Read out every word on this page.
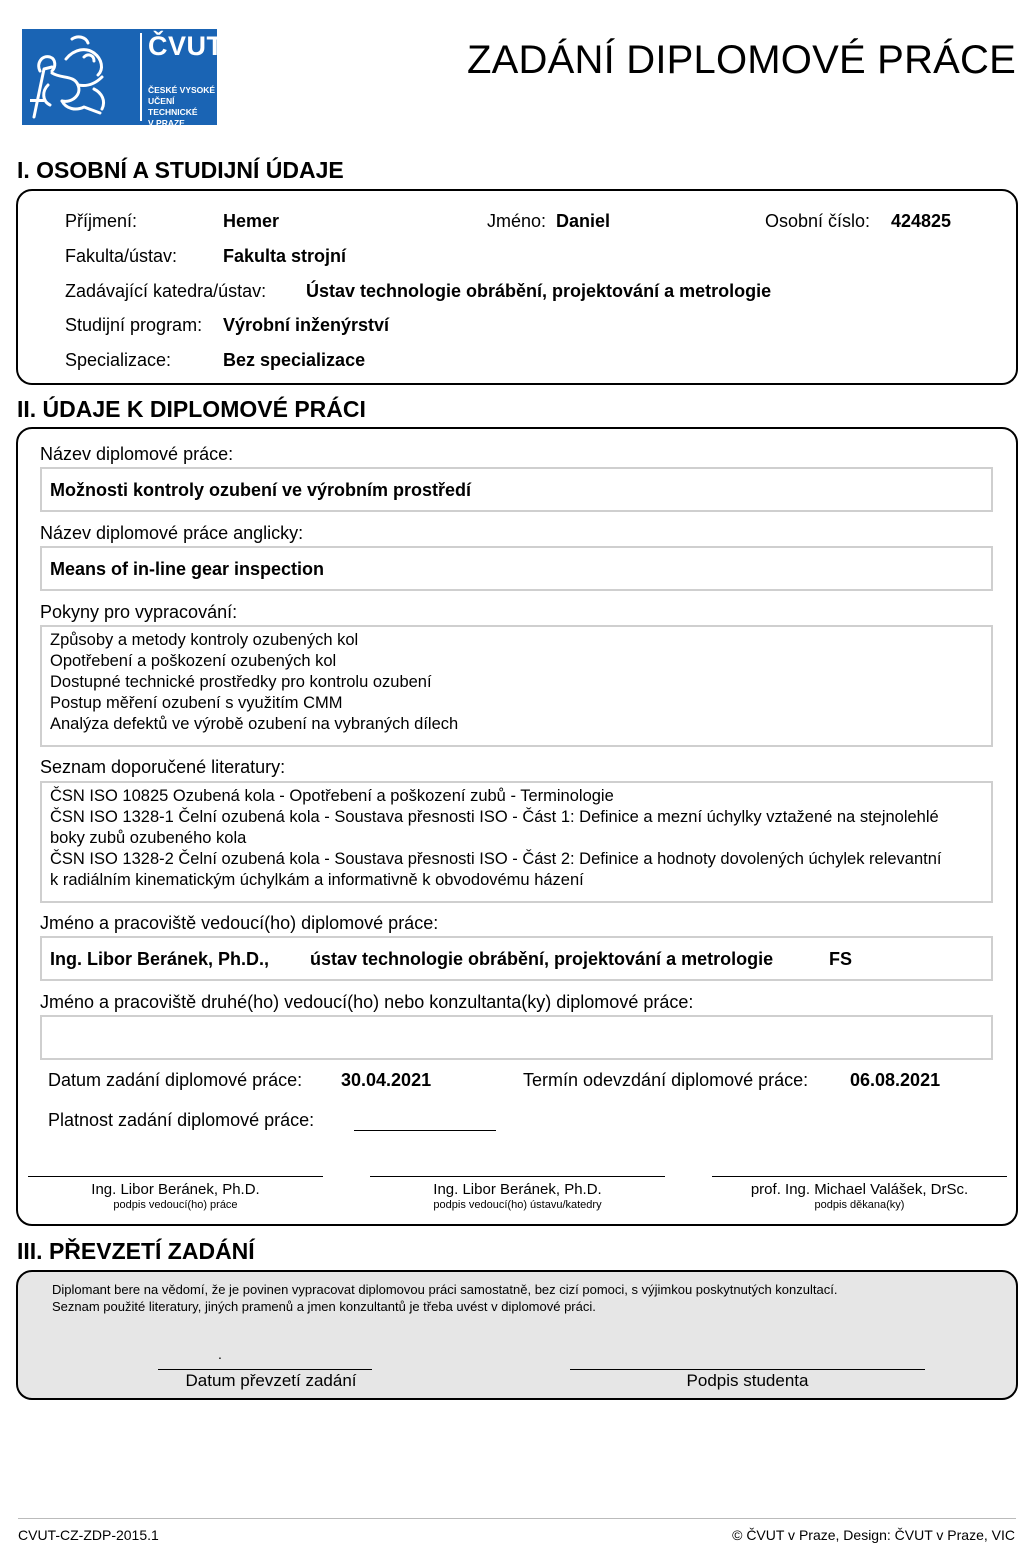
ČVUT
ČESKÉ VYSOKÉ
UČENÍ TECHNICKÉ
V PRAZE
ZADÁNÍ DIPLOMOVÉ PRÁCE
I. OSOBNÍ A STUDIJNÍ ÚDAJE
Příjmení:	Hemer	Jméno: Daniel	Osobní číslo: 424825
Fakulta/ústav:	Fakulta strojní
Zadávající katedra/ústav: Ústav technologie obrábění, projektování a metrologie
Studijní program: Výrobní inženýrství
Specializace:	Bez specializace
II. ÚDAJE K DIPLOMOVÉ PRÁCI
Název diplomové práce:
Možnosti kontroly ozubení ve výrobním prostředí
Název diplomové práce anglicky:
Means of in-line gear inspection
Pokyny pro vypracování:
Způsoby a metody kontroly ozubených kol
Opotřebení a poškození ozubených kol
Dostupné technické prostředky pro kontrolu ozubení
Postup měření ozubení s využitím CMM
Analýza defektů ve výrobě ozubení na vybraných dílech
Seznam doporučené literatury:
ČSN ISO 10825 Ozubená kola - Opotřebení a poškození zubů - Terminologie
ČSN ISO 1328-1 Čelní ozubená kola - Soustava přesnosti ISO - Část 1: Definice a mezní úchylky vztažené na stejnolehlé
boky zubů ozubeného kola
ČSN ISO 1328-2 Čelní ozubená kola - Soustava přesnosti ISO - Část 2: Definice a hodnoty dovolených úchylek relevantní
k radiálním kinematickým úchylkám a informativně k obvodovému házení
Jméno a pracoviště vedoucí(ho) diplomové práce:
Ing. Libor Beránek, Ph.D., ústav technologie obrábění, projektování a metrologie	FS
Jméno a pracoviště druhé(ho) vedoucí(ho) nebo konzultanta(ky) diplomové práce:
Datum zadání diplomové práce: 30.04.2021	Termín odevzdání diplomové práce: 06.08.2021
Platnost zadání diplomové práce:
Ing. Libor Beránek, Ph.D.
podpis vedoucí(ho) práce
Ing. Libor Beránek, Ph.D.
podpis vedoucí(ho) ústavu/katedry
prof. Ing. Michael Valášek, DrSc.
podpis děkana(ky)
III. PŘEVZETÍ ZADÁNÍ
Diplomant bere na vědomí, že je povinen vypracovat diplomovou práci samostatně, bez cizí pomoci, s výjimkou poskytnutých konzultací.
Seznam použité literatury, jiných pramenů a jmen konzultantů je třeba uvést v diplomové práci.
.
Datum převzetí zadání	Podpis studenta
CVUT-CZ-ZDP-2015.1	© ČVUT v Praze, Design: ČVUT v Praze, VIC
